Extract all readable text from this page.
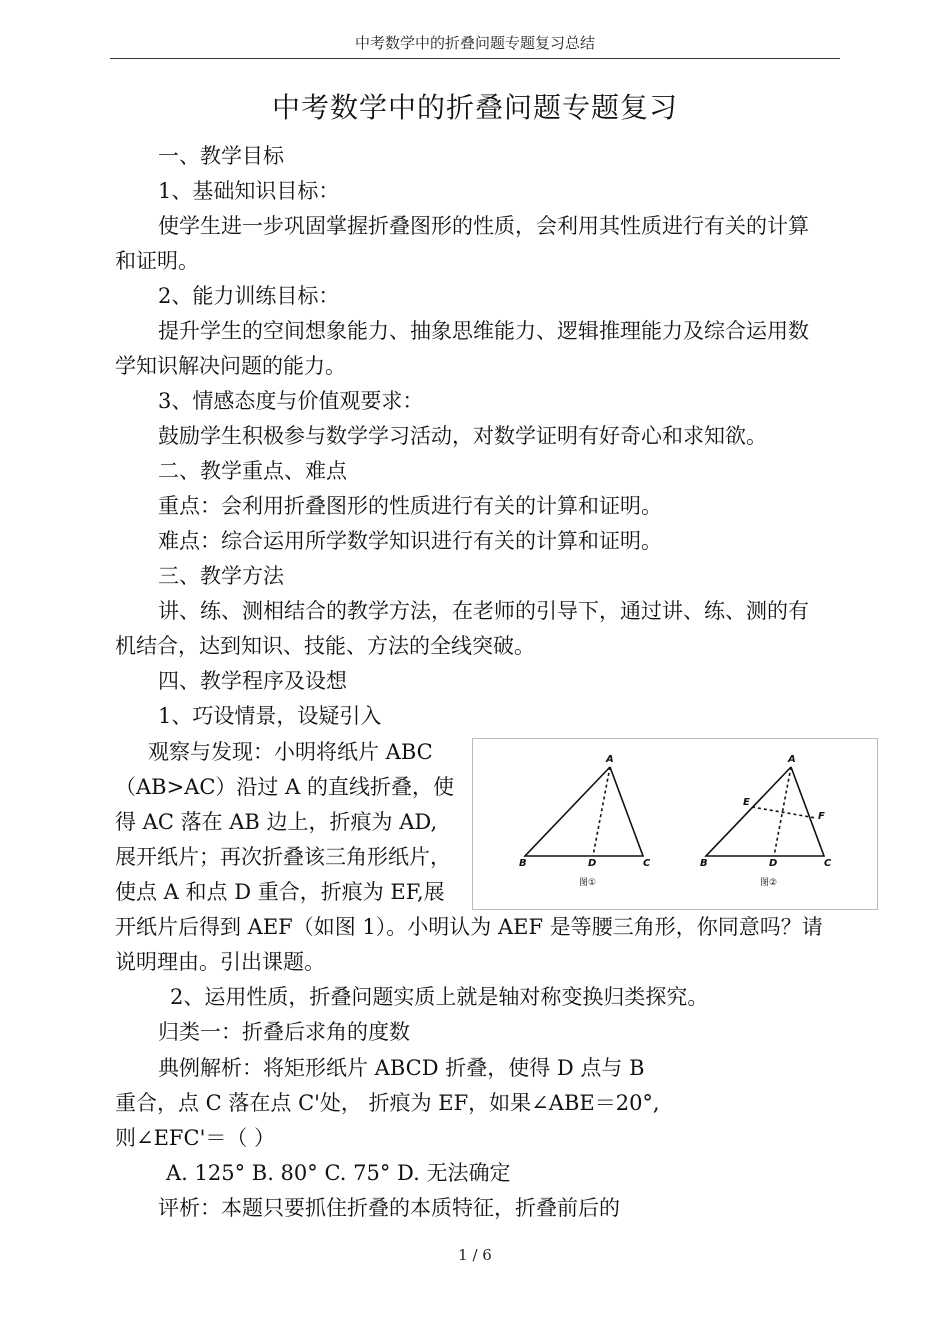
中考数学中的折叠问题专题复习总结
中考数学中的折叠问题专题复习
一、教学目标
1、基础知识目标：
使学生进一步巩固掌握折叠图形的性质，会利用其性质进行有关的计算
和证明。
2、能力训练目标：
提升学生的空间想象能力、抽象思维能力、逻辑推理能力及综合运用数
学知识解决问题的能力。
3、情感态度与价值观要求：
鼓励学生积极参与数学学习活动，对数学证明有好奇心和求知欲。
二、教学重点、难点
重点：会利用折叠图形的性质进行有关的计算和证明。
难点：综合运用所学数学知识进行有关的计算和证明。
三、教学方法
讲、练、测相结合的教学方法，在老师的引导下，通过讲、练、测的有
机结合，达到知识、技能、方法的全线突破。
四、教学程序及设想
1、巧设情景，设疑引入
观察与发现：小明将纸片 ABC
（AB>AC）沿过 A 的直线折叠，使
得 AC 落在 AB 边上，折痕为 AD,
展开纸片；再次折叠该三角形纸片，
使点 A 和点 D 重合，折痕为 EF,展
开纸片后得到 AEF（如图 1）。小明认为 AEF 是等腰三角形，你同意吗？请
说明理由。引出课题。
2、运用性质，折叠问题实质上就是轴对称变换归类探究。
归类一：折叠后求角的度数
典例解析：将矩形纸片 ABCD 折叠，使得 D 点与 B
重合，点 C 落在点 C'处， 折痕为 EF，如果∠ABE＝20°,
则∠EFC'＝（ ）
A. 125° B. 80° C. 75° D. 无法确定
评析：本题只要抓住折叠的本质特征，折叠前后的
A
B	D	C
图①
A
E
F
B	D	C
图②
1 / 6
